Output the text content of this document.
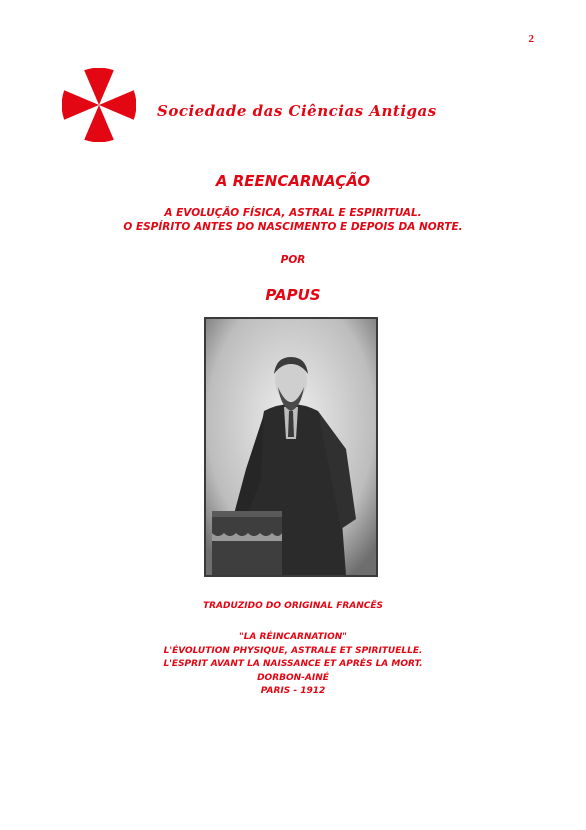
2
Sociedade das Ciências Antigas
A REENCARNAÇÃO
A EVOLUÇÃO FÍSICA, ASTRAL E ESPIRITUAL.
O ESPÍRITO ANTES DO NASCIMENTO E DEPOIS DA NORTE.
POR
PAPUS
TRADUZIDO DO ORIGINAL FRANCÊS
"LA RÉINCARNATION"
L'ÉVOLUTION PHYSIQUE, ASTRALE ET SPIRITUELLE.
L'ESPRIT AVANT LA NAISSANCE ET APRÈS LA MORT.
DORBON-AINÉ
PARIS - 1912
